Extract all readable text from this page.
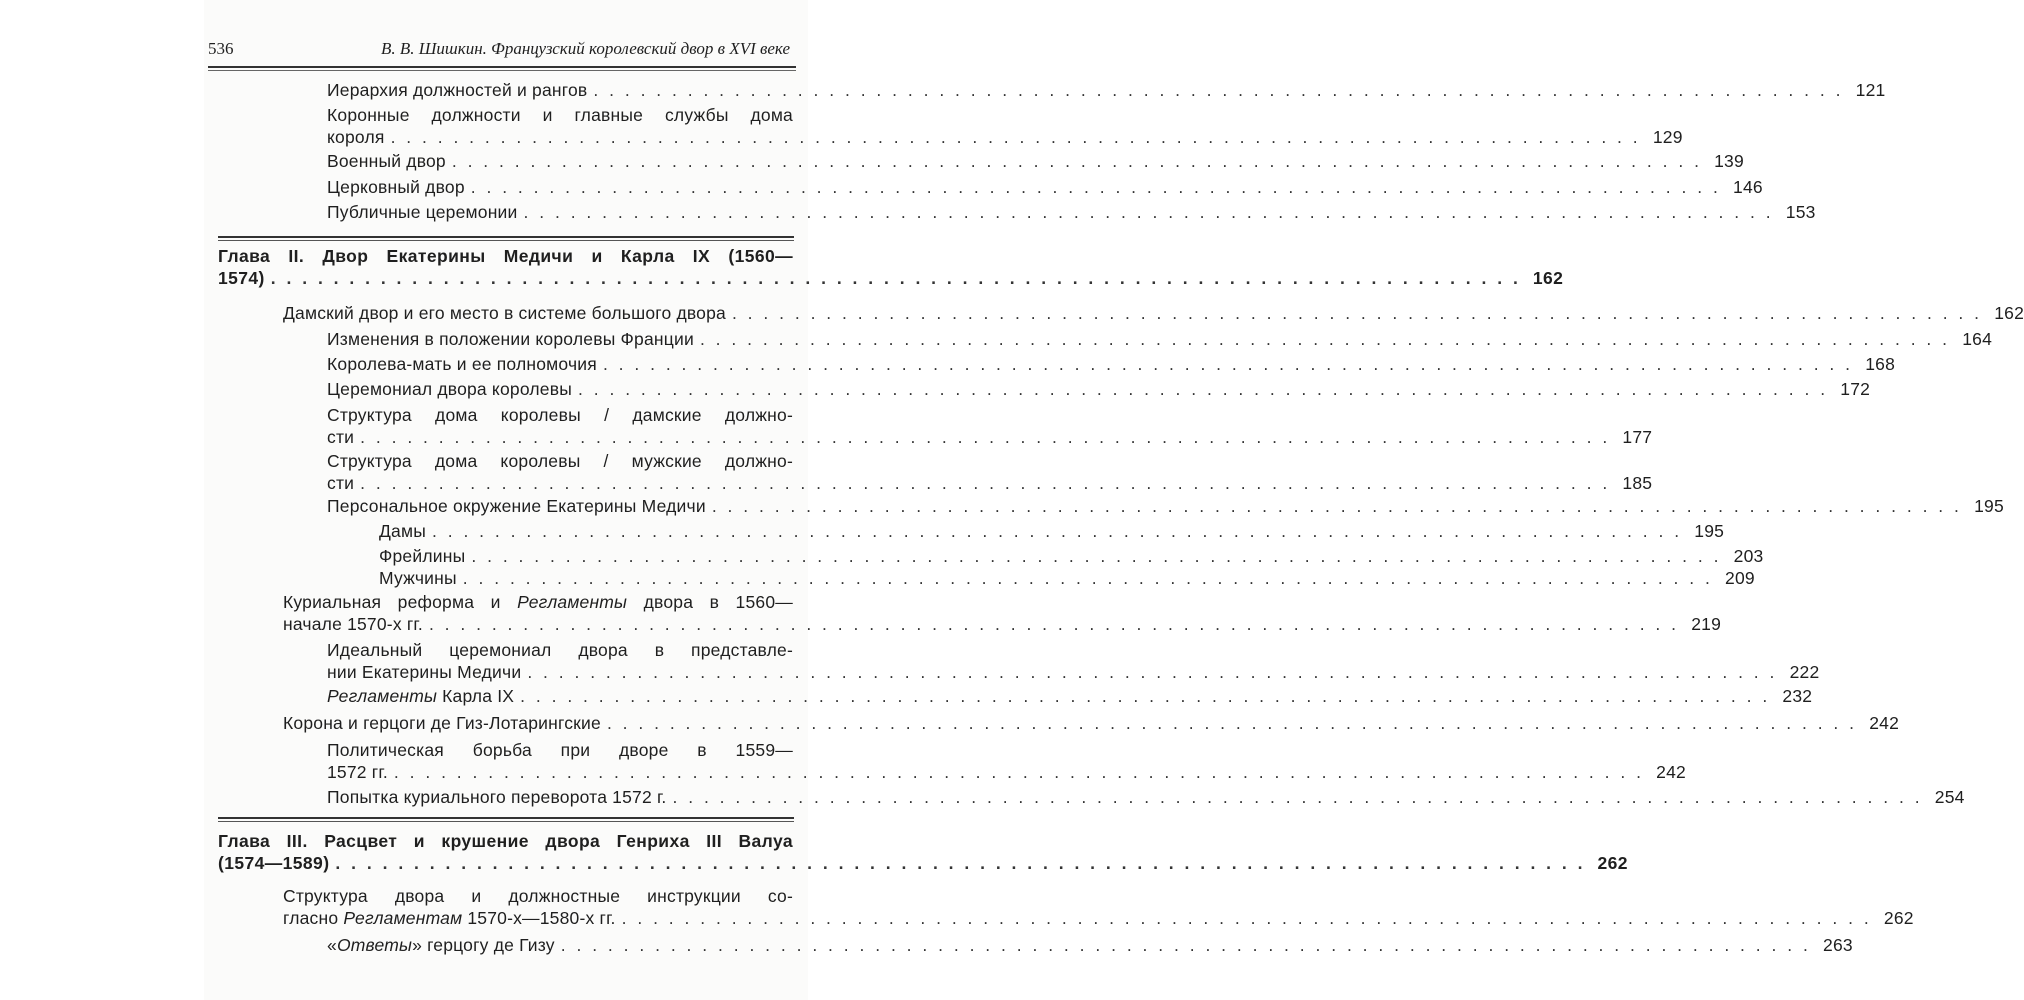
536	В. В. Шишкин. Французский королевский двор в XVI веке
Иерархия должностей и рангов . . . . . . . . . . . . . . . . . . . . . . . . . . . . . . . . . . . . . . . . . . . . . . . . . . . . . . . . . . . . . . . . . . . . . . . . . . . . . . . . 121
Коронные должности и главные службы дома
короля . . . . . . . . . . . . . . . . . . . . . . . . . . . . . . . . . . . . . . . . . . . . . . . . . . . . . . . . . . . . . . . . . . . . . . . . . . . . . . . . 129
Военный двор . . . . . . . . . . . . . . . . . . . . . . . . . . . . . . . . . . . . . . . . . . . . . . . . . . . . . . . . . . . . . . . . . . . . . . . . . . . . . . . . 139
Церковный двор . . . . . . . . . . . . . . . . . . . . . . . . . . . . . . . . . . . . . . . . . . . . . . . . . . . . . . . . . . . . . . . . . . . . . . . . . . . . . . . . 146
Публичные церемонии . . . . . . . . . . . . . . . . . . . . . . . . . . . . . . . . . . . . . . . . . . . . . . . . . . . . . . . . . . . . . . . . . . . . . . . . . . . . . . . . 153
Глава II. Двор Екатерины Медичи и Карла IX (1560—
1574) . . . . . . . . . . . . . . . . . . . . . . . . . . . . . . . . . . . . . . . . . . . . . . . . . . . . . . . . . . . . . . . . . . . . . . . . . . . . . . . . 162
Дамский двор и его место в системе большого двора . . . . . . . . . . . . . . . . . . . . . . . . . . . . . . . . . . . . . . . . . . . . . . . . . . . . . . . . . . . . . . . . . . . . . . . . . . . . . . . . 162
Изменения в положении королевы Франции . . . . . . . . . . . . . . . . . . . . . . . . . . . . . . . . . . . . . . . . . . . . . . . . . . . . . . . . . . . . . . . . . . . . . . . . . . . . . . . . 164
Королева-мать и ее полномочия . . . . . . . . . . . . . . . . . . . . . . . . . . . . . . . . . . . . . . . . . . . . . . . . . . . . . . . . . . . . . . . . . . . . . . . . . . . . . . . . 168
Церемониал двора королевы . . . . . . . . . . . . . . . . . . . . . . . . . . . . . . . . . . . . . . . . . . . . . . . . . . . . . . . . . . . . . . . . . . . . . . . . . . . . . . . . 172
Структура дома королевы / дамские должно-
сти . . . . . . . . . . . . . . . . . . . . . . . . . . . . . . . . . . . . . . . . . . . . . . . . . . . . . . . . . . . . . . . . . . . . . . . . . . . . . . . . 177
Структура дома королевы / мужские должно-
сти . . . . . . . . . . . . . . . . . . . . . . . . . . . . . . . . . . . . . . . . . . . . . . . . . . . . . . . . . . . . . . . . . . . . . . . . . . . . . . . . 185
Персональное окружение Екатерины Медичи . . . . . . . . . . . . . . . . . . . . . . . . . . . . . . . . . . . . . . . . . . . . . . . . . . . . . . . . . . . . . . . . . . . . . . . . . . . . . . . . 195
Дамы . . . . . . . . . . . . . . . . . . . . . . . . . . . . . . . . . . . . . . . . . . . . . . . . . . . . . . . . . . . . . . . . . . . . . . . . . . . . . . . . 195
Фрейлины . . . . . . . . . . . . . . . . . . . . . . . . . . . . . . . . . . . . . . . . . . . . . . . . . . . . . . . . . . . . . . . . . . . . . . . . . . . . . . . . 203
Мужчины . . . . . . . . . . . . . . . . . . . . . . . . . . . . . . . . . . . . . . . . . . . . . . . . . . . . . . . . . . . . . . . . . . . . . . . . . . . . . . . . 209
Куриальная реформа и Регламенты двора в 1560—
начале 1570-х гг. . . . . . . . . . . . . . . . . . . . . . . . . . . . . . . . . . . . . . . . . . . . . . . . . . . . . . . . . . . . . . . . . . . . . . . . . . . . . . . . . 219
Идеальный церемониал двора в представле-
нии Екатерины Медичи . . . . . . . . . . . . . . . . . . . . . . . . . . . . . . . . . . . . . . . . . . . . . . . . . . . . . . . . . . . . . . . . . . . . . . . . . . . . . . . . 222
Регламенты Карла IX . . . . . . . . . . . . . . . . . . . . . . . . . . . . . . . . . . . . . . . . . . . . . . . . . . . . . . . . . . . . . . . . . . . . . . . . . . . . . . . . 232
Корона и герцоги де Гиз-Лотарингские . . . . . . . . . . . . . . . . . . . . . . . . . . . . . . . . . . . . . . . . . . . . . . . . . . . . . . . . . . . . . . . . . . . . . . . . . . . . . . . . 242
Политическая борьба при дворе в 1559—
1572 гг. . . . . . . . . . . . . . . . . . . . . . . . . . . . . . . . . . . . . . . . . . . . . . . . . . . . . . . . . . . . . . . . . . . . . . . . . . . . . . . . . 242
Попытка куриального переворота 1572 г. . . . . . . . . . . . . . . . . . . . . . . . . . . . . . . . . . . . . . . . . . . . . . . . . . . . . . . . . . . . . . . . . . . . . . . . . . . . . . . . . 254
Глава III. Расцвет и крушение двора Генриха III Валуа
(1574—1589) . . . . . . . . . . . . . . . . . . . . . . . . . . . . . . . . . . . . . . . . . . . . . . . . . . . . . . . . . . . . . . . . . . . . . . . . . . . . . . . . 262
Структура двора и должностные инструкции со-
гласно Регламентам 1570-х—1580-х гг. . . . . . . . . . . . . . . . . . . . . . . . . . . . . . . . . . . . . . . . . . . . . . . . . . . . . . . . . . . . . . . . . . . . . . . . . . . . . . . . . 262
«Ответы» герцогу де Гизу . . . . . . . . . . . . . . . . . . . . . . . . . . . . . . . . . . . . . . . . . . . . . . . . . . . . . . . . . . . . . . . . . . . . . . . . . . . . . . . . 263
